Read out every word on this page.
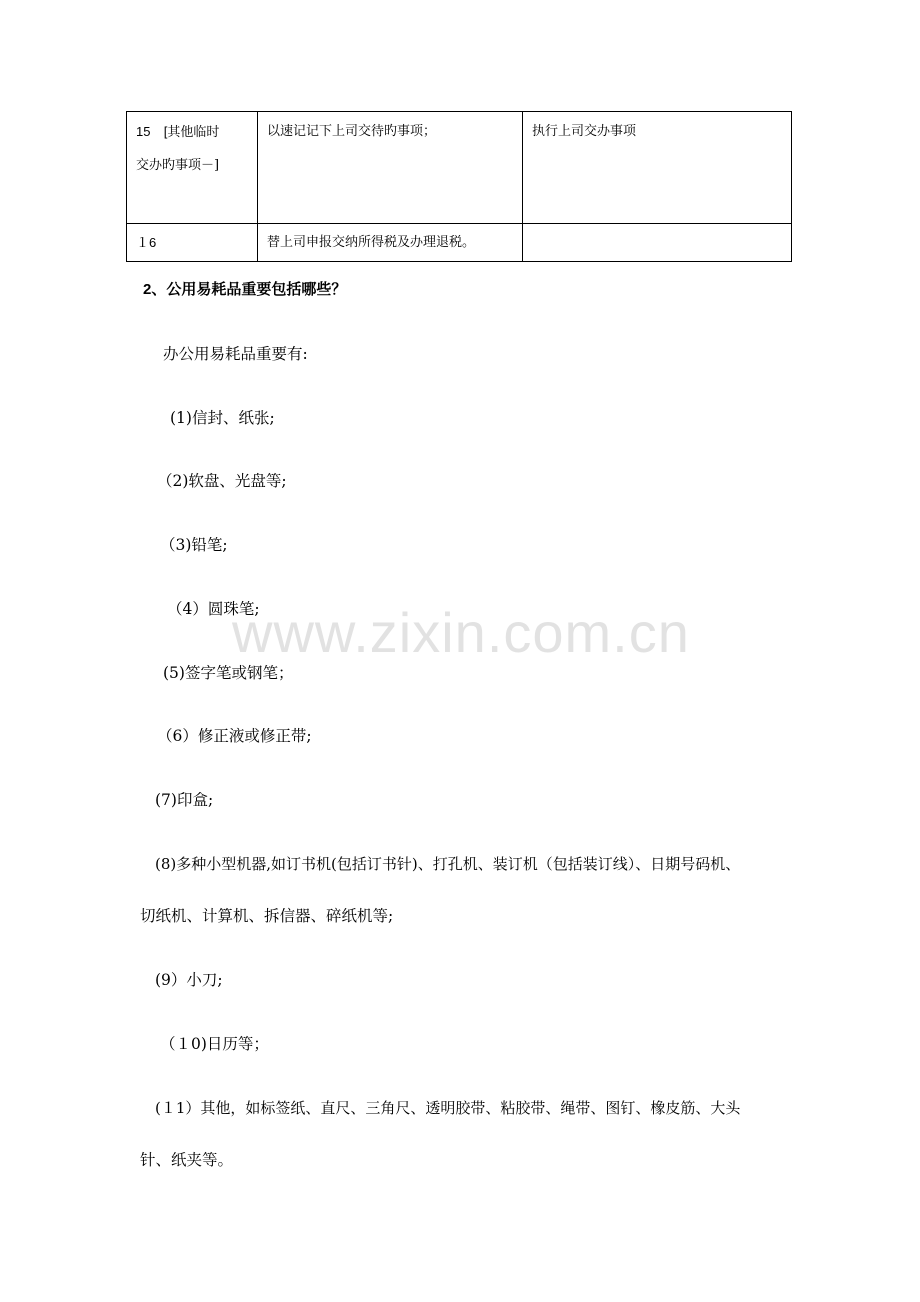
15 [其他临时
交办旳事项－]	以速记记下上司交待旳事项；	执行上司交办事项
１6	替上司申报交纳所得税及办理退税。	
2、公用易耗品重要包括哪些？
办公用易耗品重要有:
(1)信封、纸张;
（2)软盘、光盘等;
（3)铅笔;
（4）圆珠笔;
(5)签字笔或钢笔；
（6）修正液或修正带;
(7)印盒;
(8)多种小型机器,如订书机(包括订书针)、打孔机、装订机（包括装订线）、日期号码机、
切纸机、计算机、拆信器、碎纸机等;
(9）小刀;
（１0)日历等；
(１1）其他，如标签纸、直尺、三角尺、透明胶带、粘胶带、绳带、图钉、橡皮筋、大头
针、纸夹等。
www.zixin.com.cn
